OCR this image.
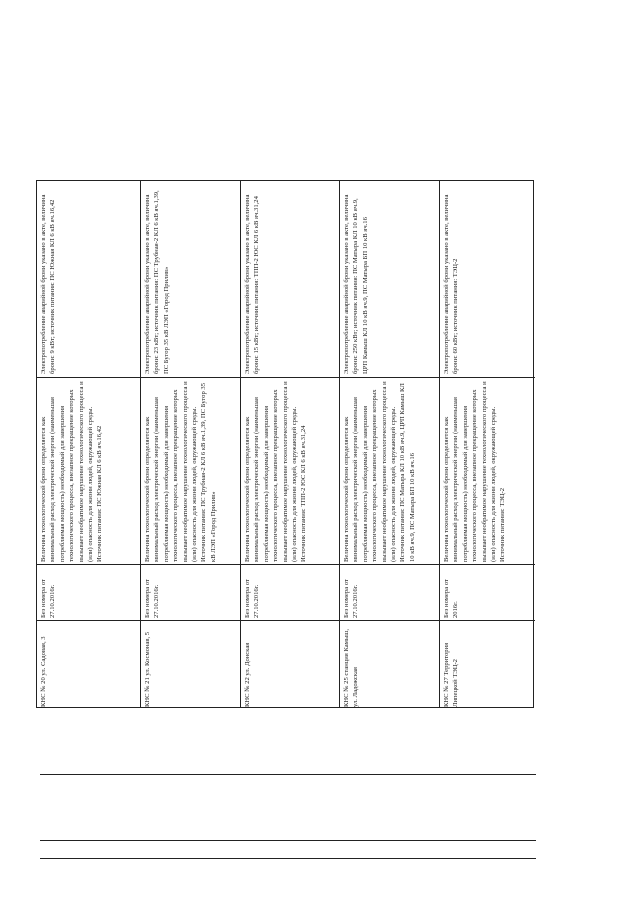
Электропотребление аварийной брони указано в акте, величина брони: 9 кВт; источник питания: ПС Южная КЛ 6 кВ яч.16,42
Величина технологической брони определяется как минимальный расход электрической энергии (наименьшая потребляемая мощность) необходимый для завершения технологического процесса, внезапное прекращение которых вызывает необратимое нарушение технологического процесса и (или) опасность для жизни людей, окружающей среды. Источник питания: ПС Южная КЛ 6 кВ яч.16,42
Без номера от 27.10.2016г.
КНС № 20 ул. Садовая, 3
Электропотребление аварийной брони указано в акте, величина брони: 23 кВт; источник питания: ПС Трубная-2 КЛ 6 кВ яч.1,39, ПС Бугор 35 кВ ЛЭП «Город Прилив»
Величина технологической брони определяется как минимальный расход электрической энергии (наименьшая потребляемая мощность) необходимый для завершения технологического процесса, внезапное прекращение которых вызывает необратимое нарушение технологического процесса и (или) опасность для жизни людей, окружающей среды. Источник питания: ПС Трубная-2 КЛ 6 кВ яч.1,39, ПС Бугор 35 кВ ЛЭП «Город Прилив»
Без номера от 27.10.2016г.
КНС № 21 ул. Космонав, 5
Электропотребление аварийной брони указано в акте, величина брони: 15 кВт; источник питания: ТПП-2 ЮС КЛ 6 кВ яч.31,24
Величина технологической брони определяется как минимальный расход электрической энергии (наименьшая потребляемая мощность) необходимый для завершения технологического процесса, внезапное прекращение которых вызывает необратимое нарушение технологического процесса и (или) опасность для жизни людей, окружающей среды. Источник питания: ТПП-2 ЮС КЛ 6 кВ яч.31,24
Без номера от 27.10.2016г.
КНС № 22 ул. Донская
Электропотребление аварийной брони указано в акте, величина брони: 250 кВт; источник питания: ПС Матыра КЛ 10 кВ яч.9, ЦРП Камыш КЛ 10 кВ яч.9, ПС Матыра БП 10 кВ яч.16
Величина технологической брони определяется как минимальный расход электрической энергии (наименьшая потребляемая мощность) необходимый для завершения технологического процесса, внезапное прекращение которых вызывает необратимое нарушение технологического процесса и (или) опасность для жизни людей, окружающей среды. Источник питания: ПС Матыра КЛ 10 кВ яч.9, ЦРП Камыш КЛ 10 кВ яч.9, ПС Матыра БП 10 кВ яч.16
Без номера от 27.10.2016г.
КНС № 25 станция Камыш, ул. Ладожская
Электропотребление аварийной брони указано в акте, величина брони: 60 кВт; источник питания: ТЭЦ-2
Величина технологической брони определяется как минимальный расход электрической энергии (наименьшая потребляемая мощность) необходимый для завершения технологического процесса, внезапное прекращение которых вызывает необратимое нарушение технологического процесса и (или) опасность для жизни людей, окружающей среды. Источник питания: ТЭЦ-2
Без номера от 2016г.
КНС № 27 Территория Липецкой ТЭЦ-2
